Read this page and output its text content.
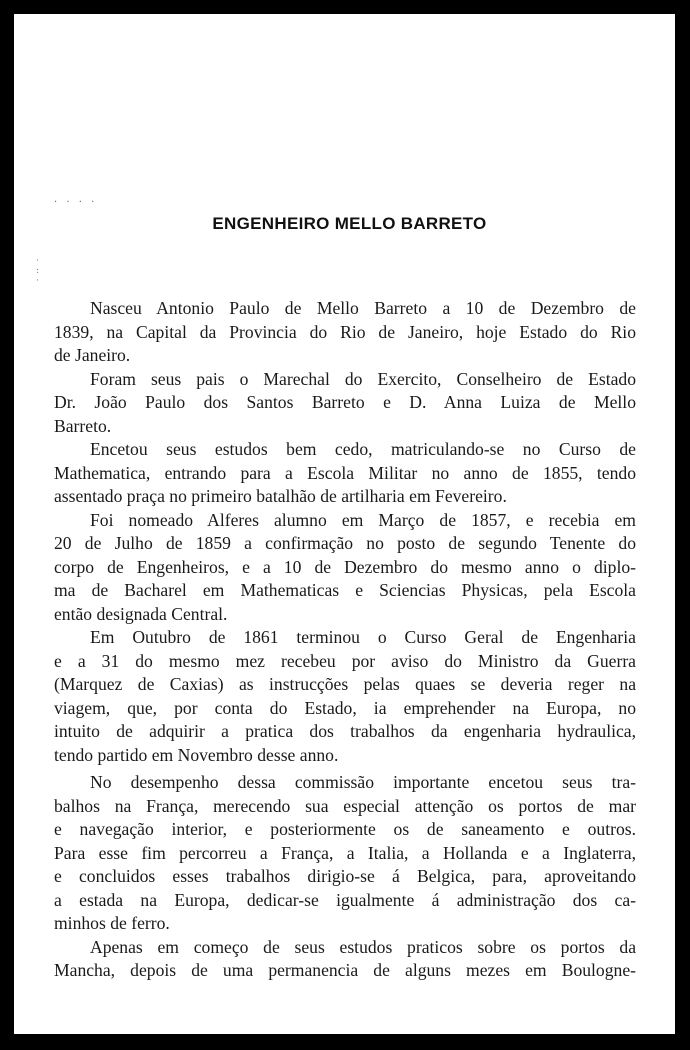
· · · ·
·
:
·
ENGENHEIRO MELLO BARRETO
Nasceu Antonio Paulo de Mello Barreto a 10 de Dezembro de
1839, na Capital da Provincia do Rio de Janeiro, hoje Estado do Rio
de Janeiro.
Foram seus pais o Marechal do Exercito, Conselheiro de Estado
Dr. João Paulo dos Santos Barreto e D. Anna Luiza de Mello
Barreto.
Encetou seus estudos bem cedo, matriculando-se no Curso de
Mathematica, entrando para a Escola Militar no anno de 1855, tendo
assentado praça no primeiro batalhão de artilharia em Fevereiro.
Foi nomeado Alferes alumno em Março de 1857, e recebia em
20 de Julho de 1859 a confirmação no posto de segundo Tenente do
corpo de Engenheiros, e a 10 de Dezembro do mesmo anno o diplo-
ma de Bacharel em Mathematicas e Sciencias Physicas, pela Escola
então designada Central.
Em Outubro de 1861 terminou o Curso Geral de Engenharia
e a 31 do mesmo mez recebeu por aviso do Ministro da Guerra
(Marquez de Caxias) as instrucções pelas quaes se deveria reger na
viagem, que, por conta do Estado, ia emprehender na Europa, no
intuito de adquirir a pratica dos trabalhos da engenharia hydraulica,
tendo partido em Novembro desse anno.
No desempenho dessa commissão importante encetou seus tra-
balhos na França, merecendo sua especial attenção os portos de mar
e navegação interior, e posteriormente os de saneamento e outros.
Para esse fim percorreu a França, a Italia, a Hollanda e a Inglaterra,
e concluidos esses trabalhos dirigio-se á Belgica, para, aproveitando
a estada na Europa, dedicar-se igualmente á administração dos ca-
minhos de ferro.
Apenas em começo de seus estudos praticos sobre os portos da
Mancha, depois de uma permanencia de alguns mezes em Boulogne-
